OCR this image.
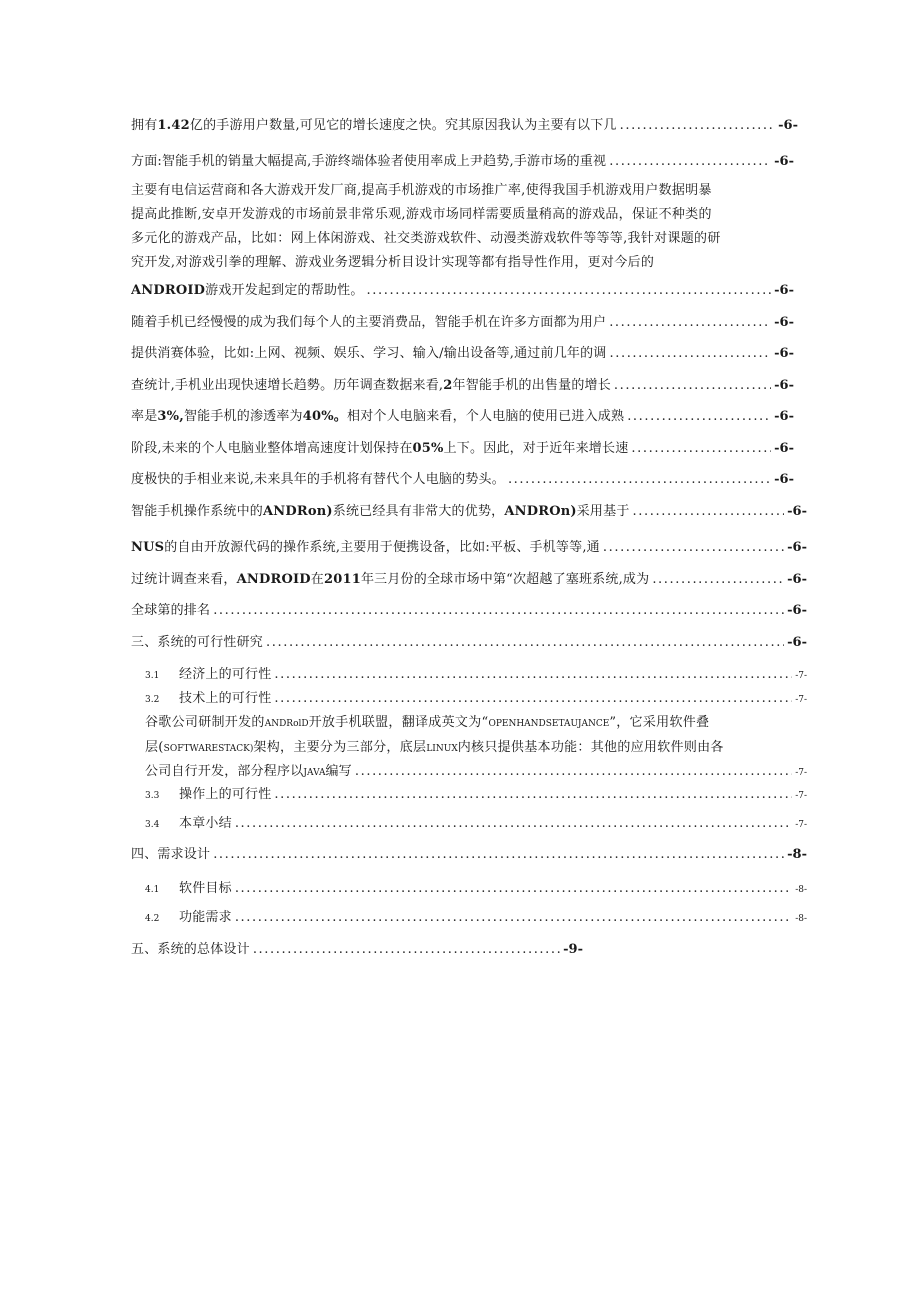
拥有1.42亿的手游用户数量,可见它的增长速度之快。究其原因我认为主要有以下几 .....	-6-
方面:智能手机的销量大幅提高,手游终端体验者使用率成上尹趋势,手游市场的重视 .....	-6-
主要有电信运营商和各大游戏开发厂商,提高手机游戏的市场推广率,使得我国手机游戏用户数据明暴
提高此推断,安卓开发游戏的市场前景非常乐观,游戏市场同样需要质量稍高的游戏品，保证不种类的
多元化的游戏产品，比如：网上体闲游戏、社交类游戏软件、动漫类游戏软件等等等,我针对课题的研
究开发,对游戏引拳的理解、游戏业务逻辑分析目设计实现等都有指导性作用，更对今后的
ANDROID游戏开发起到定的帮助性。 .....	-6-
随着手机已经慢慢的成为我们每个人的主要消费品，智能手机在许多方面都为用户 .....	-6-
提供消赛体验，比如:上网、视频、娱乐、学习、输入/输出设备等,通过前几年的调 .....	-6-
查统计,手机业出现快速增长趋勢。历年调查数据来看,2年智能手机的出售量的增长 .....	-6-
率是3%,智能手机的渗透率为40%。相对个人电脑来看，个人电脑的使用已进入成熟 .....	-6-
阶段,未来的个人电脑业整体增高速度计划保持在05%上下。因此，对于近年来增长速 .....	-6-
度极快的手相业来说,未来具年的手机将有替代个人电脑的势头。 .....	-6-
智能手机操作系统中的ANDRon)系统已经具有非常大的优势，ANDROn)采用基于 .....	-6-
NUS的自由开放源代码的操作系统,主要用于便携设备，比如:平板、手机等等,通 .....	-6-
过统计调查来看，ANDROID在2011年三月份的全球市场中第“次超越了塞班系统,成为 .....	-6-
全球第的排名 .....	-6-
三、系统的可行性研究 .....	-6-
3.1	经济上的可行性 .....	-7-
3.2	技术上的可行性 .....	-7-
谷歌公司研制开发的ANDRolD开放手机联盟，翻译成英文为“OPENHANDSETAUJANCE”，它采用软件叠
层(SOFTWARESTACK)架构，主要分为三部分，底层LINUX内核只提供基本功能：其他的应用软件则由各
公司自行开发，部分程序以JAVA编写 .....	-7-
3.3	操作上的可行性 .....	-7-
3.4	本章小结 .....	-7-
四、需求设计 .....	-8-
4.1	软件目标 .....	-8-
4.2	功能需求 .....	-8-
五、系统的总体设计 .....	-9-
